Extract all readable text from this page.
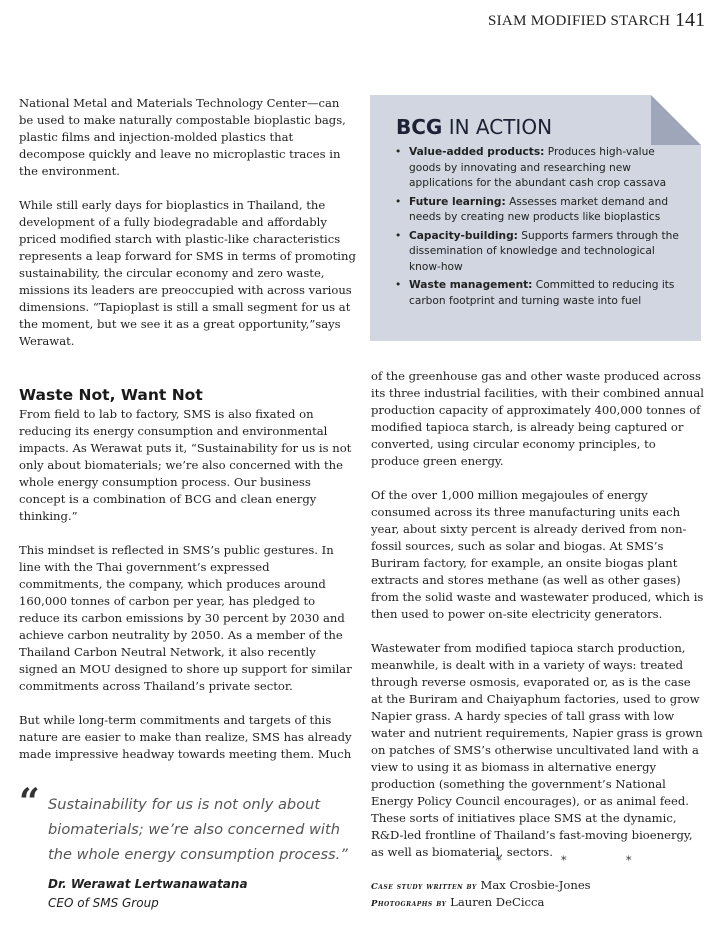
SIAM MODIFIED STARCH 141

National Metal and Materials Technology Center—can be used to make naturally compostable bioplastic bags, plastic films and injection-molded plastics that decompose quickly and leave no microplastic traces in the environment.

While still early days for bioplastics in Thailand, the development of a fully biodegradable and affordably priced modified starch with plastic-like characteristics represents a leap forward for SMS in terms of promoting sustainability, the circular economy and zero waste, missions its leaders are preoccupied with across various dimensions. “Tapioplast is still a small segment for us at the moment, but we see it as a great opportunity,”says Werawat.

Waste Not, Want Not

From field to lab to factory, SMS is also fixated on reducing its energy consumption and environmental impacts. As Werawat puts it, “Sustainability for us is not only about biomaterials; we’re also concerned with the whole energy consumption process. Our business concept is a combination of BCG and clean energy thinking.”

This mindset is reflected in SMS’s public gestures. In line with the Thai government’s expressed commitments, the company, which produces around 160,000 tonnes of carbon per year, has pledged to reduce its carbon emissions by 30 percent by 2030 and achieve carbon neutrality by 2050. As a member of the Thailand Carbon Neutral Network, it also recently signed an MOU designed to shore up support for similar commitments across Thailand’s private sector.

But while long-term commitments and targets of this nature are easier to make than realize, SMS has already made impressive headway towards meeting them. Much

BCG IN ACTION
• Value-added products: Produces high-value goods by innovating and researching new applications for the abundant cash crop cassava
• Future learning: Assesses market demand and needs by creating new products like bioplastics
• Capacity-building: Supports farmers through the dissemination of knowledge and technological know-how
• Waste management: Committed to reducing its carbon footprint and turning waste into fuel

of the greenhouse gas and other waste produced across its three industrial facilities, with their combined annual production capacity of approximately 400,000 tonnes of modified tapioca starch, is already being captured or converted, using circular economy principles, to produce green energy.

Of the over 1,000 million megajoules of energy consumed across its three manufacturing units each year, about sixty percent is already derived from non-fossil sources, such as solar and biogas. At SMS’s Buriram factory, for example, an onsite biogas plant extracts and stores methane (as well as other gases) from the solid waste and wastewater produced, which is then used to power on-site electricity generators.

Wastewater from modified tapioca starch production, meanwhile, is dealt with in a variety of ways: treated through reverse osmosis, evaporated or, as is the case at the Buriram and Chaiyaphum factories, used to grow Napier grass. A hardy species of tall grass with low water and nutrient requirements, Napier grass is grown on patches of SMS’s otherwise uncultivated land with a view to using it as biomass in alternative energy production (something the government’s National Energy Policy Council encourages), or as animal feed. These sorts of initiatives place SMS at the dynamic, R&D-led frontline of Thailand’s fast-moving bioenergy, as well as biomaterial, sectors.

* * *
Case study written by Max Crosbie-Jones
Photographs by Lauren DeCicca
“ Sustainability for us is not only about biomaterials; we’re also concerned with the whole energy consumption process.”
Dr. Werawat Lertwanawatana
CEO of SMS Group
